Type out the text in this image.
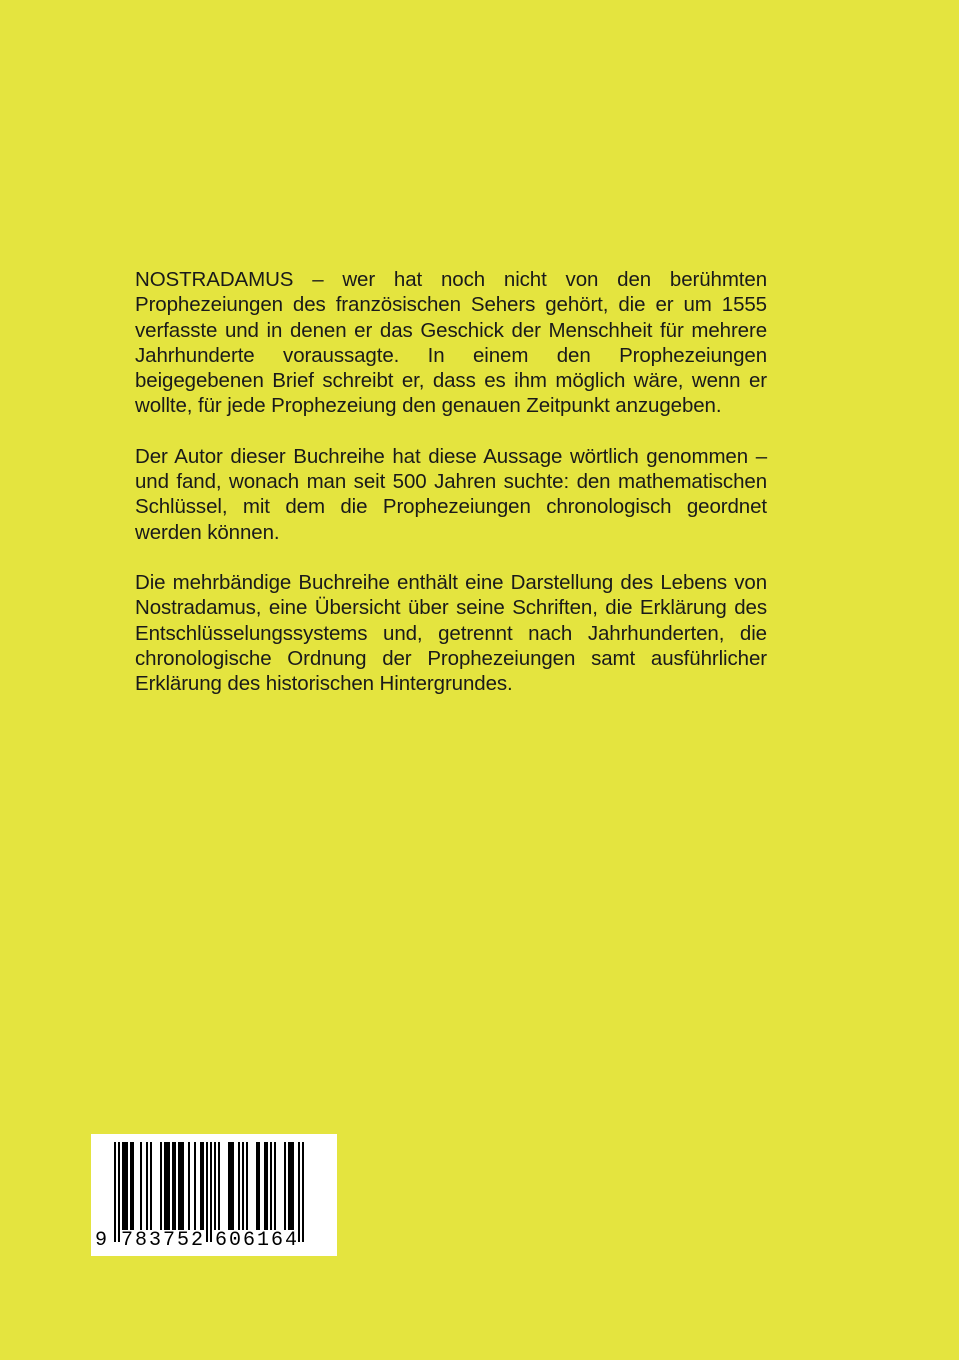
NOSTRADAMUS – wer hat noch nicht von den berühmten Prophezeiungen des französischen Sehers gehört, die er um 1555 verfasste und in denen er das Geschick der Menschheit für mehrere Jahrhunderte voraussagte. In einem den Prophezeiungen beigegebenen Brief schreibt er, dass es ihm möglich wäre, wenn er wollte, für jede Prophezeiung den genauen Zeitpunkt anzugeben.

Der Autor dieser Buchreihe hat diese Aussage wörtlich genommen – und fand, wonach man seit 500 Jahren suchte: den mathematischen Schlüssel, mit dem die Prophezeiungen chronologisch geordnet werden können.

Die mehrbändige Buchreihe enthält eine Darstellung des Lebens von Nostradamus, eine Übersicht über seine Schriften, die Erklärung des Entschlüsselungssystems und, getrennt nach Jahrhunderten, die chronologische Ordnung der Prophezeiungen samt ausführlicher Erklärung des historischen Hintergrundes.

9 7 8 3 7 5 2 6 0 6 1 6 4
